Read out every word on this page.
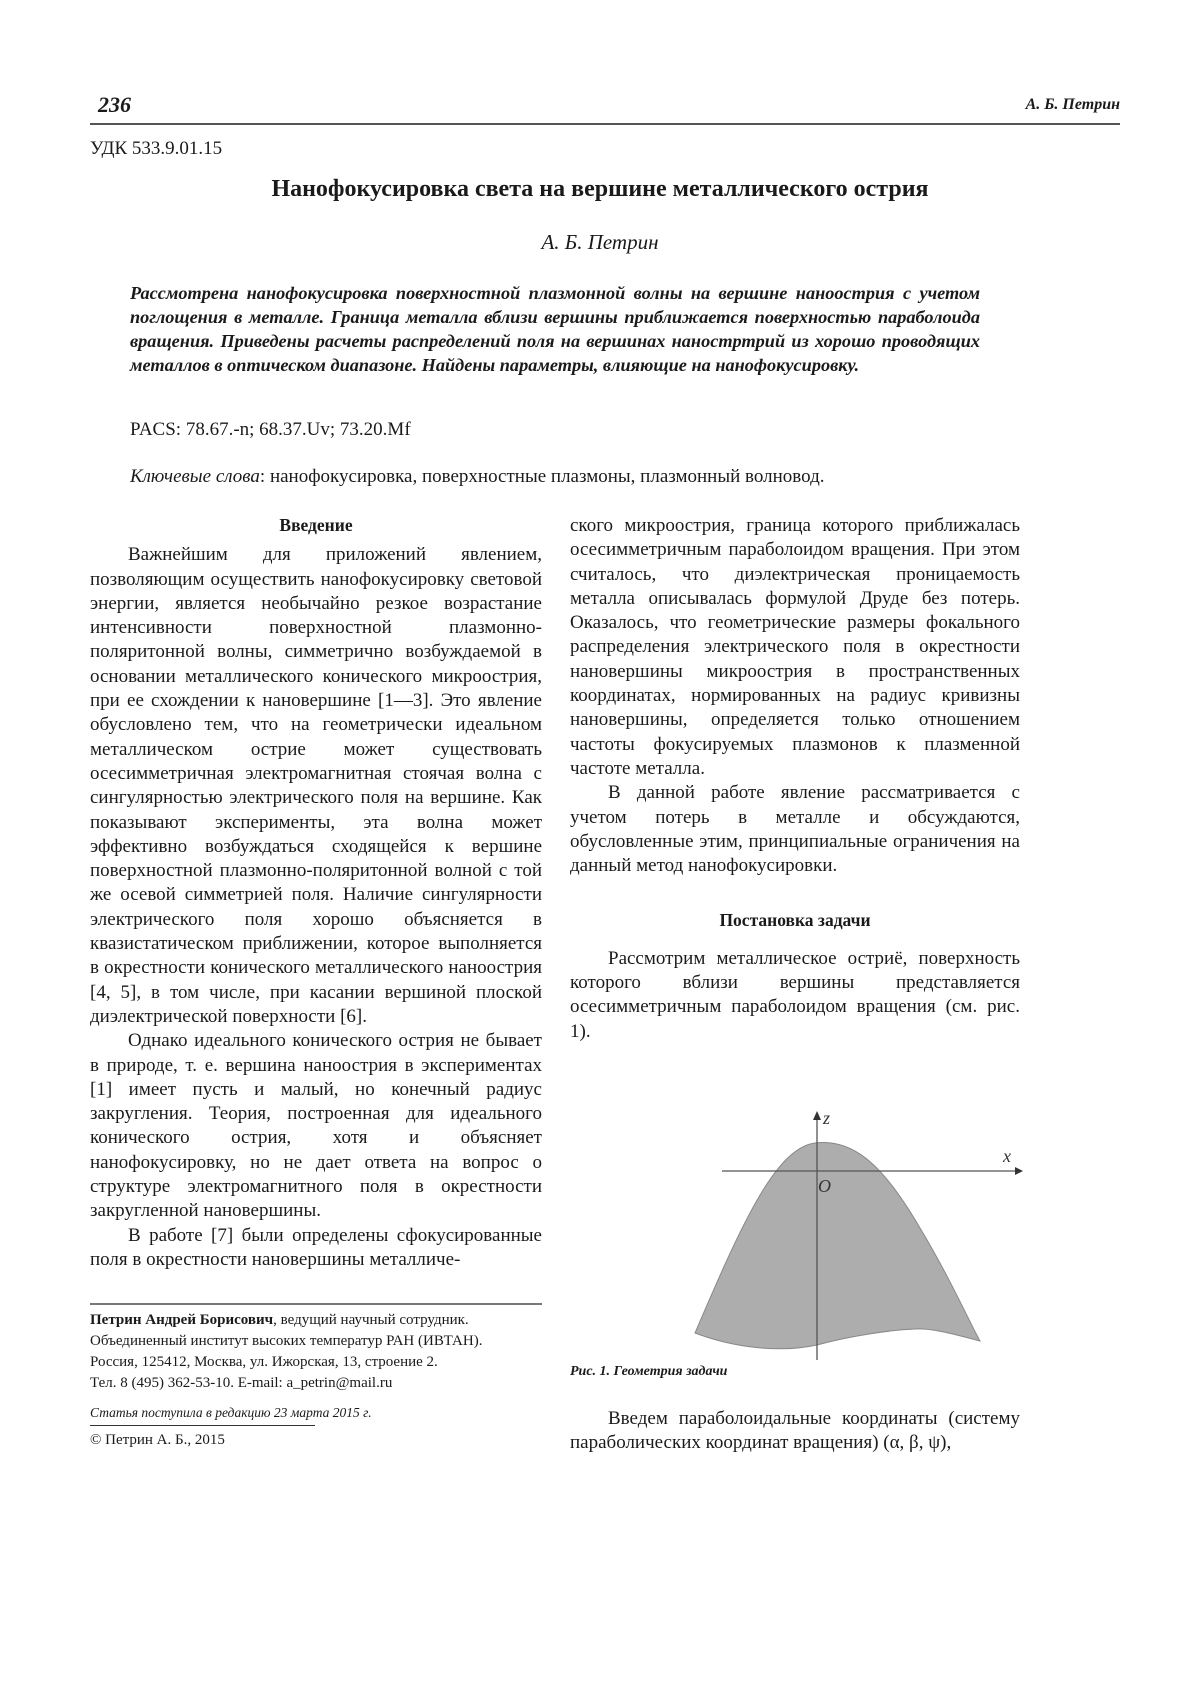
236	А. Б. Петрин
УДК 533.9.01.15
Нанофокусировка света на вершине металлического острия
А. Б. Петрин
Рассмотрена нанофокусировка поверхностной плазмонной волны на вершине наноострия с учетом поглощения в металле. Граница металла вблизи вершины приближается поверхностью параболоида вращения. Приведены расчеты распределений поля на вершинах наностртрий из хорошо проводящих металлов в оптическом диапазоне. Найдены параметры, влияющие на нанофокусировку.
PACS: 78.67.-n; 68.37.Uv; 73.20.Mf
Ключевые слова: нанофокусировка, поверхностные плазмоны, плазмонный волновод.

Введение

Важнейшим для приложений явлением, позволяющим осуществить нанофокусировку световой энергии, является необычайно резкое возрастание интенсивности поверхностной плазмонно-поляритонной волны, симметрично возбуждаемой в основании металлического конического микроострия, при ее схождении к нановершине [1—3]. Это явление обусловлено тем, что на геометрически идеальном металлическом острие может существовать осесимметричная электромагнитная стоячая волна с сингулярностью электрического поля на вершине. Как показывают эксперименты, эта волна может эффективно возбуждаться сходящейся к вершине поверхностной плазмонно-поляритонной волной с той же осевой симметрией поля. Наличие сингулярности электрического поля хорошо объясняется в квазистатическом приближении, которое выполняется в окрестности конического металлического наноострия [4, 5], в том числе, при касании вершиной плоской диэлектрической поверхности [6].

Однако идеального конического острия не бывает в природе, т. е. вершина наноострия в экспериментах [1] имеет пусть и малый, но конечный радиус закругления. Теория, построенная для идеального конического острия, хотя и объясняет нанофокусировку, но не дает ответа на вопрос о структуре электромагнитного поля в окрестности закругленной нановершины.

В работе [7] были определены сфокусированные поля в окрестности нановершины металличе-

Петрин Андрей Борисович, ведущий научный сотрудник.
Объединенный институт высоких температур РАН (ИВТАН).
Россия, 125412, Москва, ул. Ижорская, 13, строение 2.
Тел. 8 (495) 362-53-10. E-mail: a_petrin@mail.ru
Статья поступила в редакцию 23 марта 2015 г.
© Петрин А. Б., 2015

ского микроострия, граница которого приближалась осесимметричным параболоидом вращения. При этом считалось, что диэлектрическая проницаемость металла описывалась формулой Друде без потерь. Оказалось, что геометрические размеры фокального распределения электрического поля в окрестности нановершины микроострия в пространственных координатах, нормированных на радиус кривизны нановершины, определяется только отношением частоты фокусируемых плазмонов к плазменной частоте металла.

В данной работе явление рассматривается с учетом потерь в металле и обсуждаются, обусловленные этим, принципиальные ограничения на данный метод нанофокусировки.

Постановка задачи

Рассмотрим металлическое остриё, поверхность которого вблизи вершины представляется осесимметричным параболоидом вращения (см. рис. 1).

z
x
O
Рис. 1. Геометрия задачи

Введем параболоидальные координаты (систему параболических координат вращения) (α, β, ψ),
